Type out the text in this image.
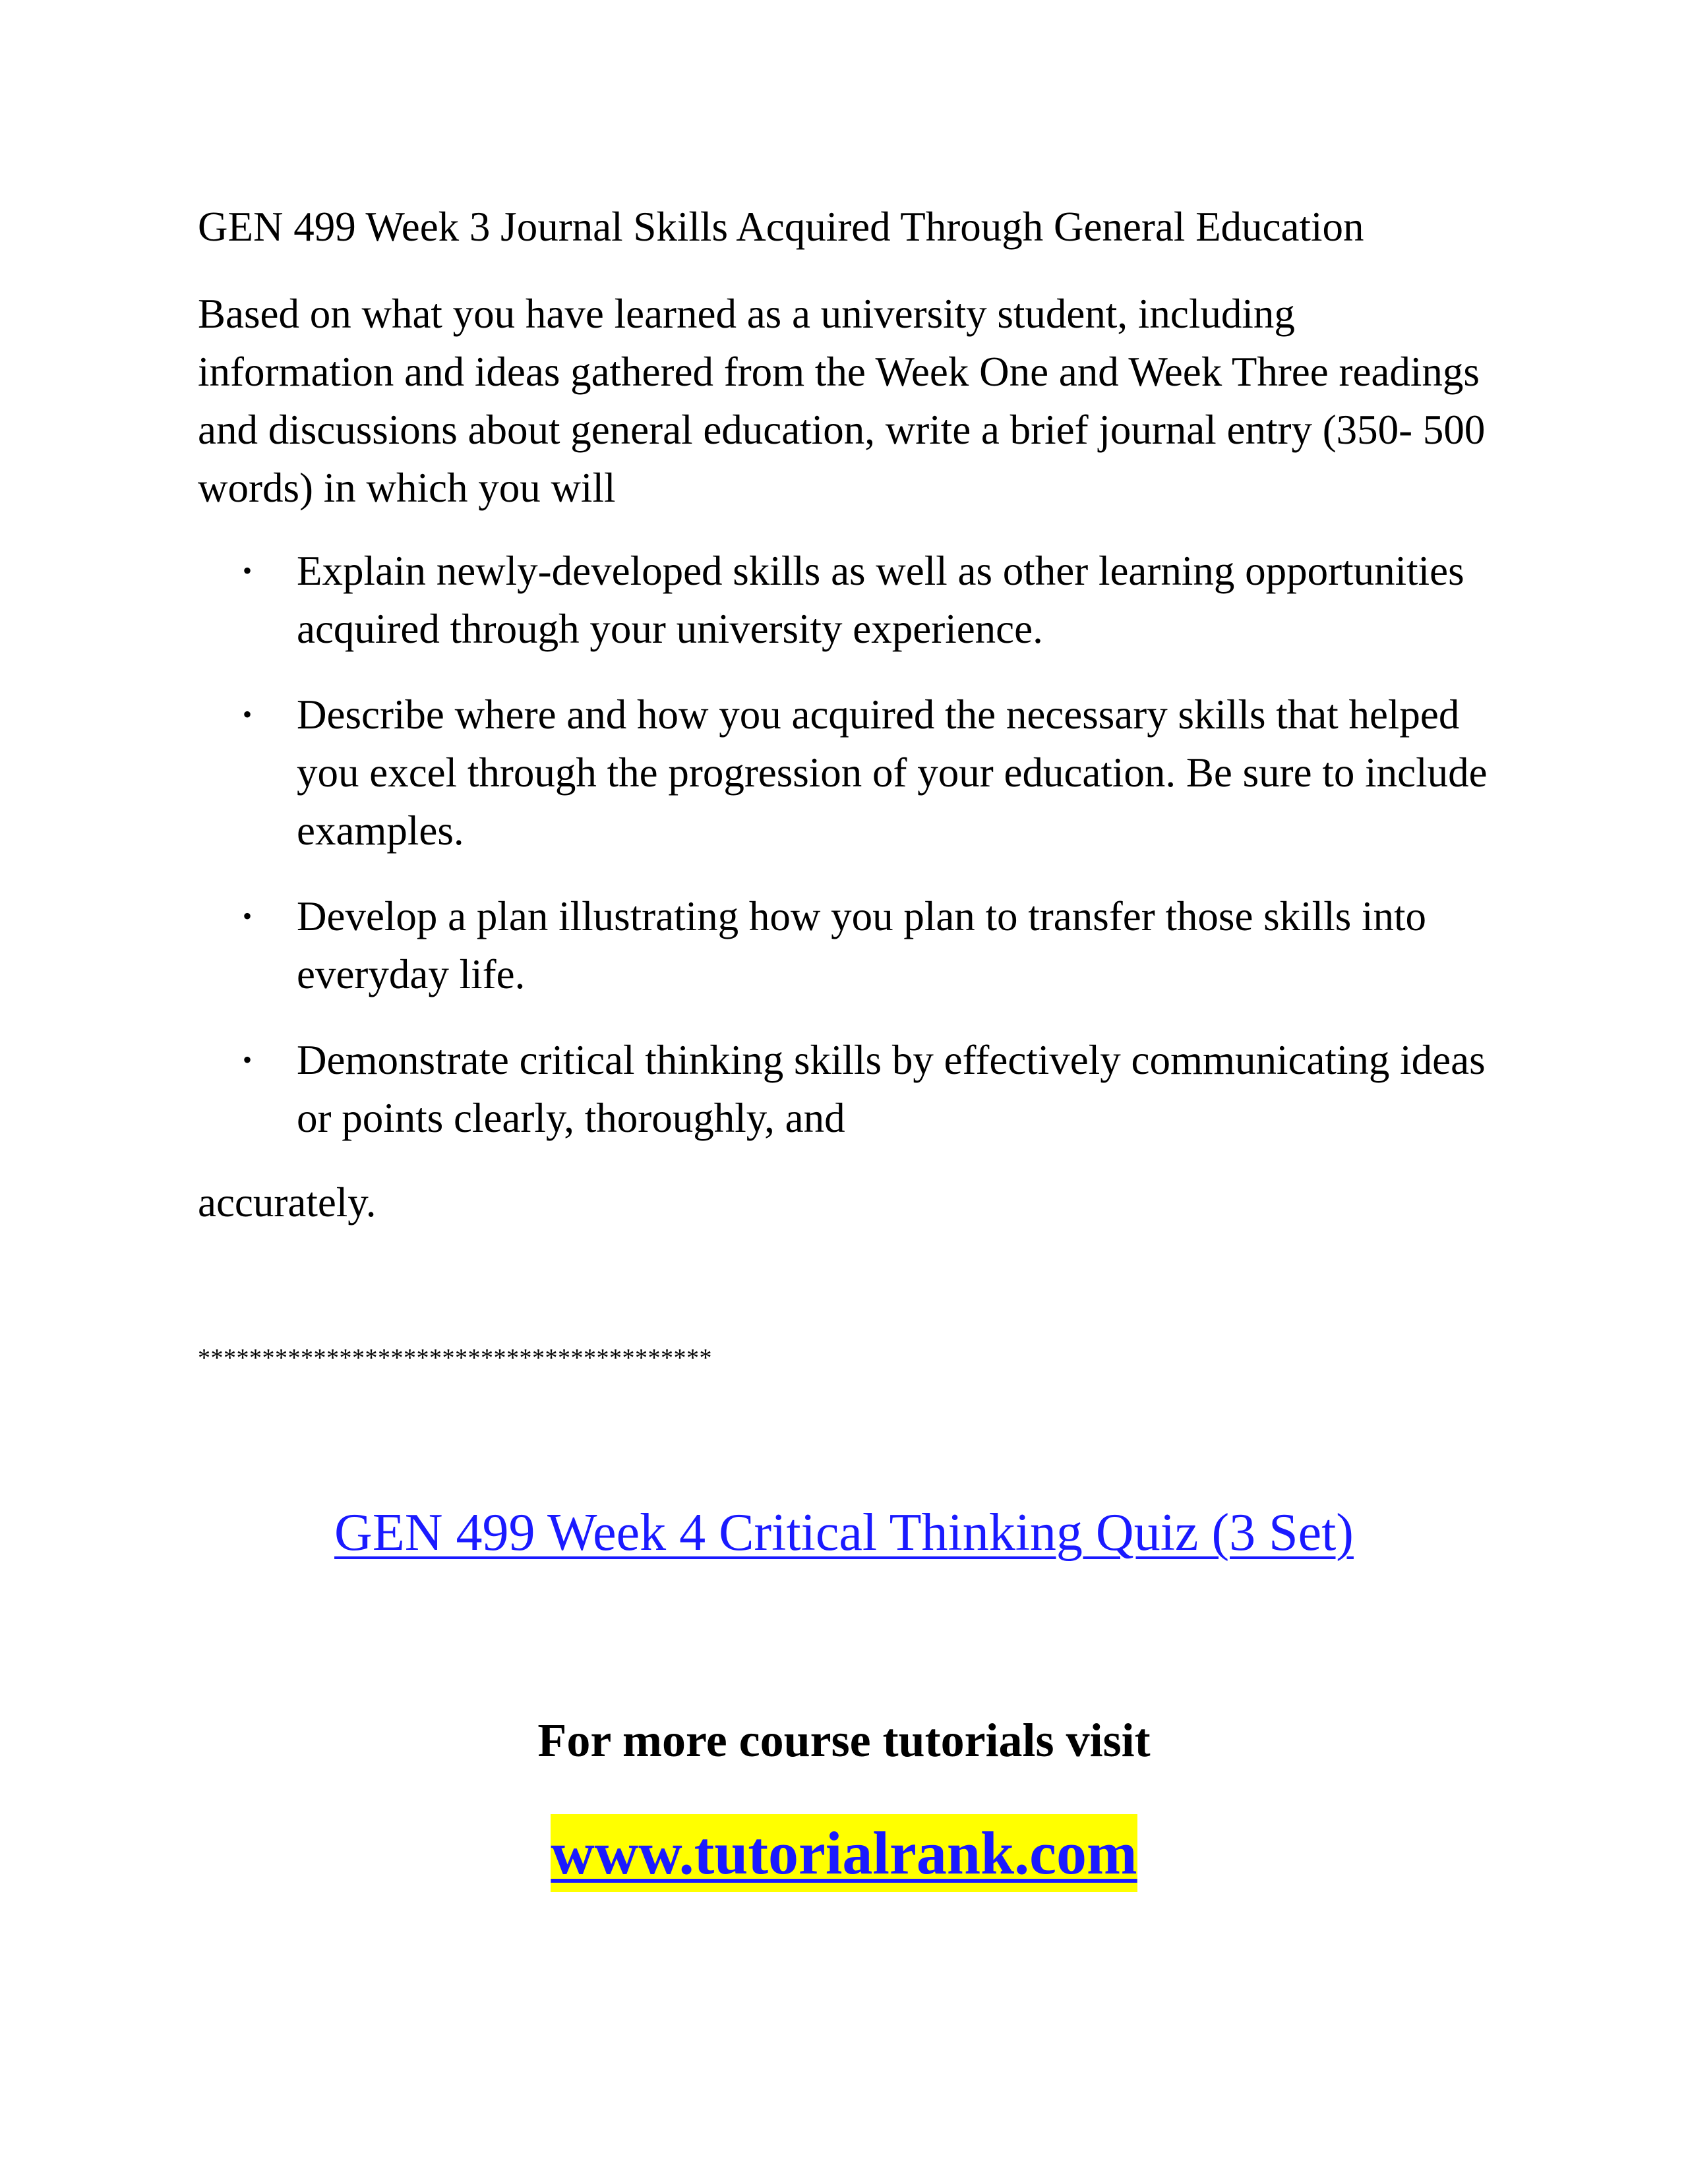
GEN 499 Week 3 Journal Skills Acquired Through General Education

Based on what you have learned as a university student, including information and ideas gathered from the Week One and Week Three readings and discussions about general education, write a brief journal entry (350- 500 words) in which you will

• Explain newly-developed skills as well as other learning opportunities acquired through your university experience.
• Describe where and how you acquired the necessary skills that helped you excel through the progression of your education. Be sure to include examples.
• Develop a plan illustrating how you plan to transfer those skills into everyday life.
• Demonstrate critical thinking skills by effectively communicating ideas or points clearly, thoroughly, and

accurately.

****************************************
GEN 499 Week 4 Critical Thinking Quiz (3 Set)

For more course tutorials visit

www.tutorialrank.com
